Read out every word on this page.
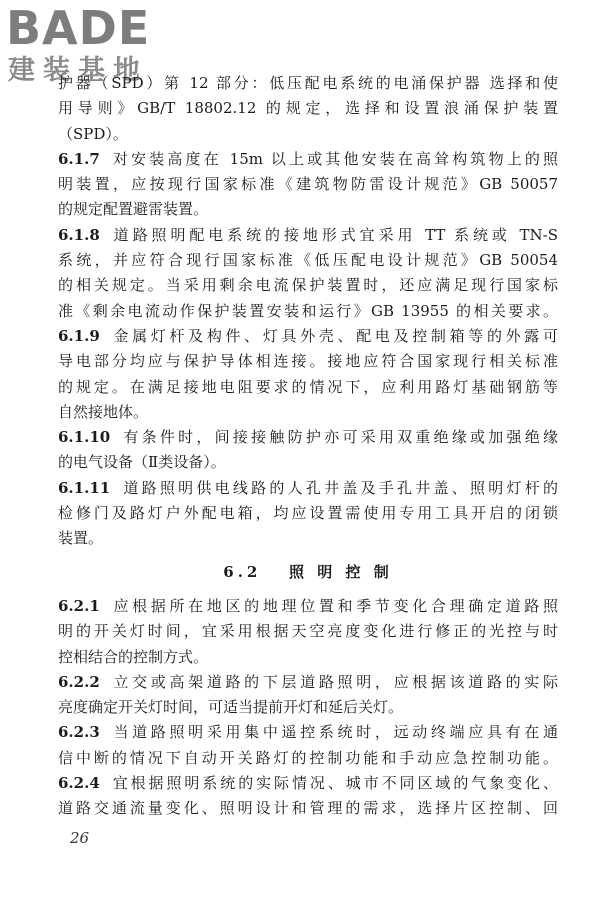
BADE
建装基地
护器（SPD）第 12 部分：低压配电系统的电涌保护器 选择和使
用导则》GB/T 18802.12 的规定，选择和设置浪涌保护装置
（SPD）。
6.1.7 对安装高度在 15m 以上或其他安装在高耸构筑物上的照
明装置，应按现行国家标准《建筑物防雷设计规范》GB 50057
的规定配置避雷装置。
6.1.8 道路照明配电系统的接地形式宜采用 TT 系统或 TN-S
系统，并应符合现行国家标准《低压配电设计规范》GB 50054
的相关规定。当采用剩余电流保护装置时，还应满足现行国家标
准《剩余电流动作保护装置安装和运行》GB 13955 的相关要求。
6.1.9 金属灯杆及构件、灯具外壳、配电及控制箱等的外露可
导电部分均应与保护导体相连接。接地应符合国家现行相关标准
的规定。在满足接地电阻要求的情况下，应利用路灯基础钢筋等
自然接地体。
6.1.10 有条件时，间接接触防护亦可采用双重绝缘或加强绝缘
的电气设备（Ⅱ类设备）。
6.1.11 道路照明供电线路的人孔井盖及手孔井盖、照明灯杆的
检修门及路灯户外配电箱，均应设置需使用专用工具开启的闭锁
装置。
6.2 照 明 控 制
6.2.1 应根据所在地区的地理位置和季节变化合理确定道路照
明的开关灯时间，宜采用根据天空亮度变化进行修正的光控与时
控相结合的控制方式。
6.2.2 立交或高架道路的下层道路照明，应根据该道路的实际
亮度确定开关灯时间，可适当提前开灯和延后关灯。
6.2.3 当道路照明采用集中遥控系统时，远动终端应具有在通
信中断的情况下自动开关路灯的控制功能和手动应急控制功能。
6.2.4 宜根据照明系统的实际情况、城市不同区域的气象变化、
道路交通流量变化、照明设计和管理的需求，选择片区控制、回
26
